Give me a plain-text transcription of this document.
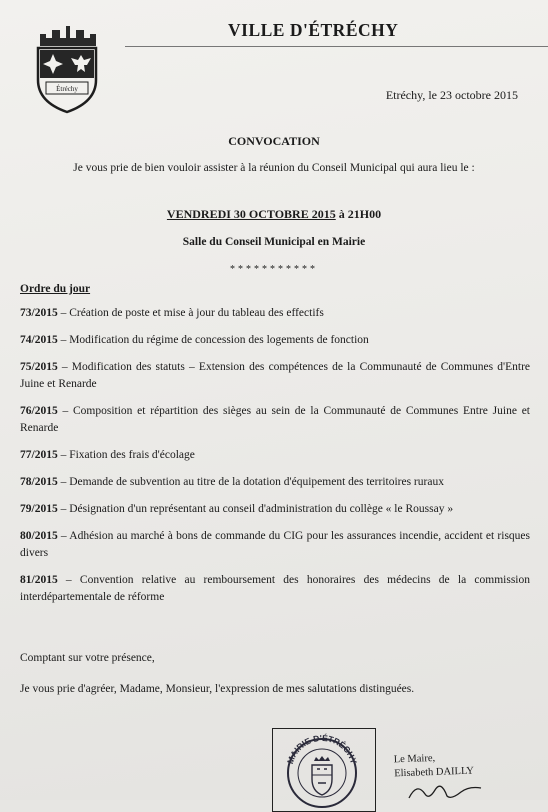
Étréchy
VILLE D'ÉTRÉCHY
Etréchy, le 23 octobre 2015
CONVOCATION
Je vous prie de bien vouloir assister à la réunion du Conseil Municipal qui aura lieu le :
VENDREDI 30 OCTOBRE 2015 à 21H00
Salle du Conseil Municipal en Mairie
***********
Ordre du jour
73/2015 – Création de poste et mise à jour du tableau des effectifs
74/2015 – Modification du régime de concession des logements de fonction
75/2015 – Modification des statuts – Extension des compétences de la Communauté de Communes d'Entre Juine et Renarde
76/2015 – Composition et répartition des sièges au sein de la Communauté de Communes Entre Juine et Renarde
77/2015 – Fixation des frais d'écolage
78/2015 – Demande de subvention au titre de la dotation d'équipement des territoires ruraux
79/2015 – Désignation d'un représentant au conseil d'administration du collège « le Roussay »
80/2015 – Adhésion au marché à bons de commande du CIG pour les assurances incendie, accident et risques divers
81/2015 – Convention relative au remboursement des honoraires des médecins de la commission interdépartementale de réforme
Comptant sur votre présence,
Je vous prie d'agréer, Madame, Monsieur, l'expression de mes salutations distinguées.
MAIRIE D'ÉTRÉCHY	Le Maire,
Elisabeth DAILLY
